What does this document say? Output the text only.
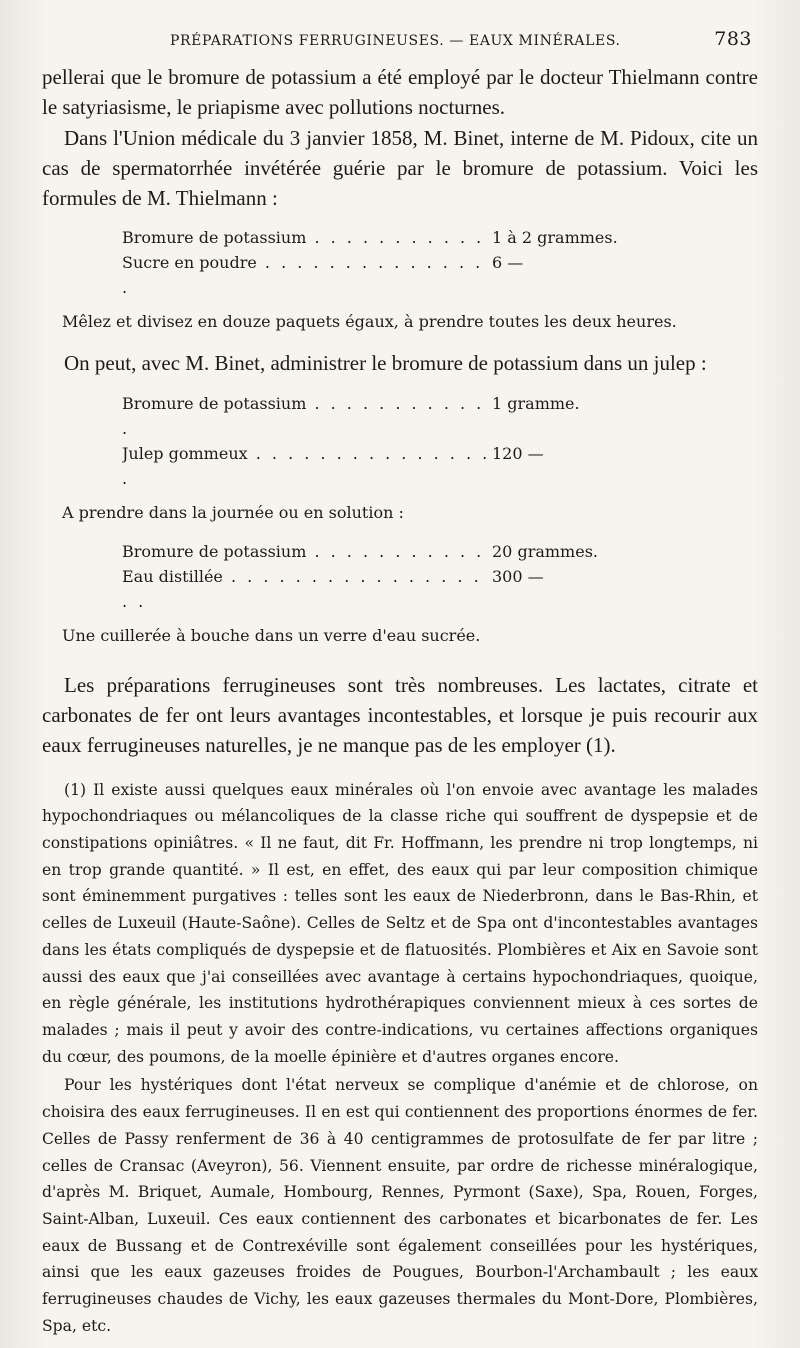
PRÉPARATIONS FERRUGINEUSES. — EAUX MINÉRALES.	783

pellerai que le bromure de potassium a été employé par le docteur Thielmann contre le satyriasisme, le priapisme avec pollutions nocturnes.

Dans l'Union médicale du 3 janvier 1858, M. Binet, interne de M. Pidoux, cite un cas de spermatorrhée invétérée guérie par le bromure de potassium. Voici les formules de M. Thielmann :

Bromure de potassium . . . . . . . . . . . 1 à 2 grammes.
Sucre en poudre . . . . . . . . . . . . . . .
6 —

Mêlez et divisez en douze paquets égaux, à prendre toutes les deux heures.

On peut, avec M. Binet, administrer le bromure de potassium dans un julep :

Bromure de potassium . . . . . . . . . . . .
1 gramme.
Julep gommeux . . . . . . . . . . . . . . . .
120 —

A prendre dans la journée ou en solution :

Bromure de potassium . . . . . . . . . . . 20 grammes.
Eau distillée . . . . . . . . . . . . . . . . . .
300 —

Une cuillerée à bouche dans un verre d'eau sucrée.

Les préparations ferrugineuses sont très nombreuses. Les lactates, citrate et carbonates de fer ont leurs avantages incontestables, et lorsque je puis recourir aux eaux ferrugineuses naturelles, je ne manque pas de les employer (1).

(1) Il existe aussi quelques eaux minérales où l'on envoie avec avantage les malades hypochondriaques ou mélancoliques de la classe riche qui souffrent de dyspepsie et de constipations opiniâtres. « Il ne faut, dit Fr. Hoffmann, les prendre ni trop longtemps, ni en trop grande quantité. » Il est, en effet, des eaux qui par leur composition chimique sont éminemment purgatives : telles sont les eaux de Niederbronn, dans le Bas-Rhin, et celles de Luxeuil (Haute-Saône). Celles de Seltz et de Spa ont d'incontestables avantages dans les états compliqués de dyspepsie et de flatuosités. Plombières et Aix en Savoie sont aussi des eaux que j'ai conseillées avec avantage à certains hypochondriaques, quoique, en règle générale, les institutions hydrothérapiques conviennent mieux à ces sortes de malades ; mais il peut y avoir des contre-indications, vu certaines affections organiques du cœur, des poumons, de la moelle épinière et d'autres organes encore.

Pour les hystériques dont l'état nerveux se complique d'anémie et de chlorose, on choisira des eaux ferrugineuses. Il en est qui contiennent des proportions énormes de fer. Celles de Passy renferment de 36 à 40 centigrammes de protosulfate de fer par litre ; celles de Cransac (Aveyron), 56. Viennent ensuite, par ordre de richesse minéralogique, d'après M. Briquet, Aumale, Hombourg, Rennes, Pyrmont (Saxe), Spa, Rouen, Forges, Saint-Alban, Luxeuil. Ces eaux contiennent des carbonates et bicarbonates de fer. Les eaux de Bussang et de Contrexéville sont également conseillées pour les hystériques, ainsi que les eaux gazeuses froides de Pougues, Bourbon-l'Archambault ; les eaux ferrugineuses chaudes de Vichy, les eaux gazeuses thermales du Mont-Dore, Plombières, Spa, etc.
